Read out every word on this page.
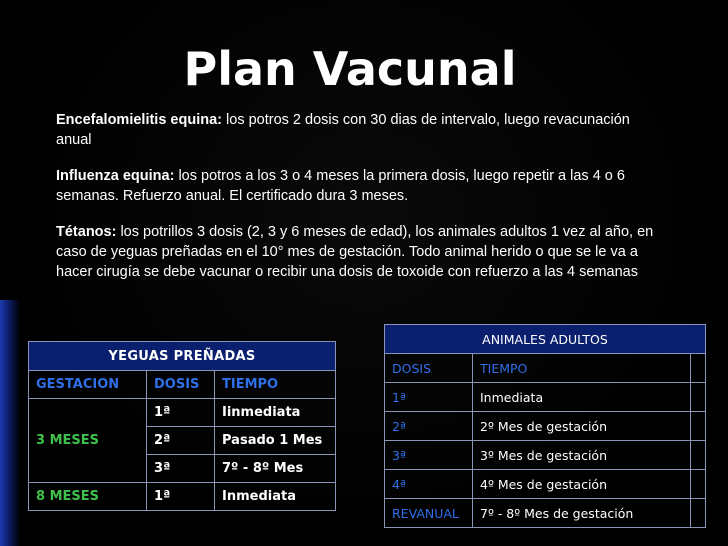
Plan Vacunal

Encefalomielitis equina: los potros 2 dosis con 30 dias de intervalo, luego revacunación anual

Influenza equina: los potros a los 3 o 4 meses la primera dosis, luego repetir a las 4 o 6 semanas. Refuerzo anual. El certificado dura 3 meses.

Tétanos: los potrillos 3 dosis (2, 3 y 6 meses de edad), los animales adultos 1 vez al año, en caso de yeguas preñadas en el 10° mes de gestación. Todo animal herido o que se le va a hacer cirugía se debe vacunar o recibir una dosis de toxoide con refuerzo a las 4 semanas

YEGUAS PREÑADAS		
GESTACION	DOSIS	TIEMPO
3 MESES	1ª	Iinmediata
	2ª	Pasado 1 Mes
	3ª	7º - 8º Mes
8 MESES	1ª	Inmediata
ANIMALES ADULTOS		
DOSIS	TIEMPO	
1ª	Inmediata	
2ª	2º Mes de gestación	
3ª	3º Mes de gestación	
4ª	4º Mes de gestación	
REVANUAL	7º - 8º Mes de gestación	
